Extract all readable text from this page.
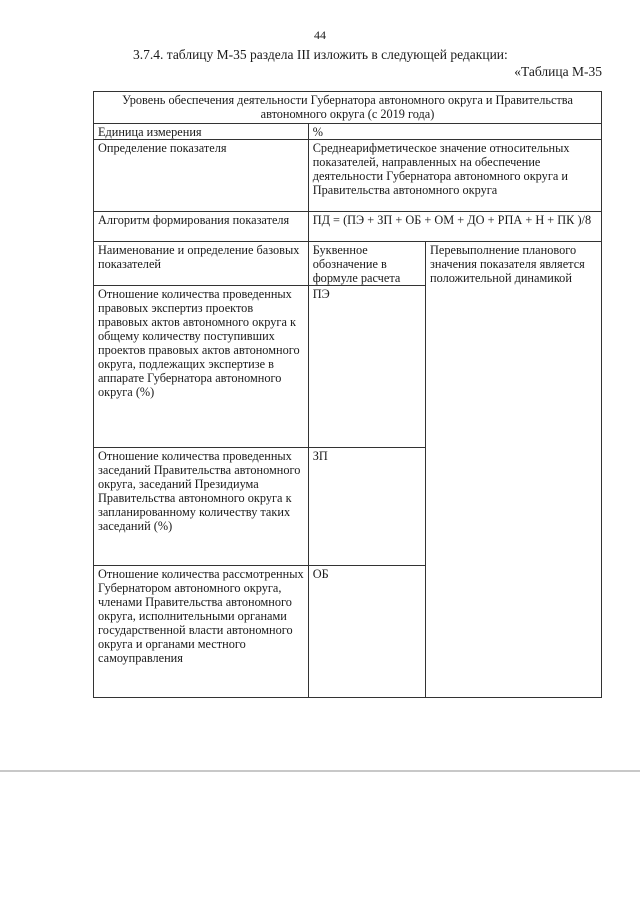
44
3.7.4. таблицу М-35 раздела III изложить в следующей редакции:
«Таблица М-35
Уровень обеспечения деятельности Губернатора автономного округа и Правительства автономного округа (с 2019 года)		
Единица измерения	%	
Определение показателя	Среднеарифметическое значение относительных показателей, направленных на обеспечение деятельности Губернатора автономного округа и Правительства автономного округа	
Алгоритм формирования показателя	ПД = (ПЭ + ЗП + ОБ + ОМ + ДО + РПА + Н + ПК )/8	
Наименование и определение базовых показателей	Буквенное обозначение в формуле расчета	Перевыполнение планового значения показателя является положительной динамикой
Отношение количества проведенных правовых экспертиз проектов правовых актов автономного округа к общему количеству поступивших проектов правовых актов автономного округа, подлежащих экспертизе в аппарате Губернатора автономного округа (%)	ПЭ	
Отношение количества проведенных заседаний Правительства автономного округа, заседаний Президиума Правительства автономного округа к запланированному количеству таких заседаний (%)	ЗП	
Отношение количества рассмотренных Губернатором автономного округа, членами Правительства автономного округа, исполнительными органами государственной власти автономного округа и органами местного самоуправления	ОБ	
